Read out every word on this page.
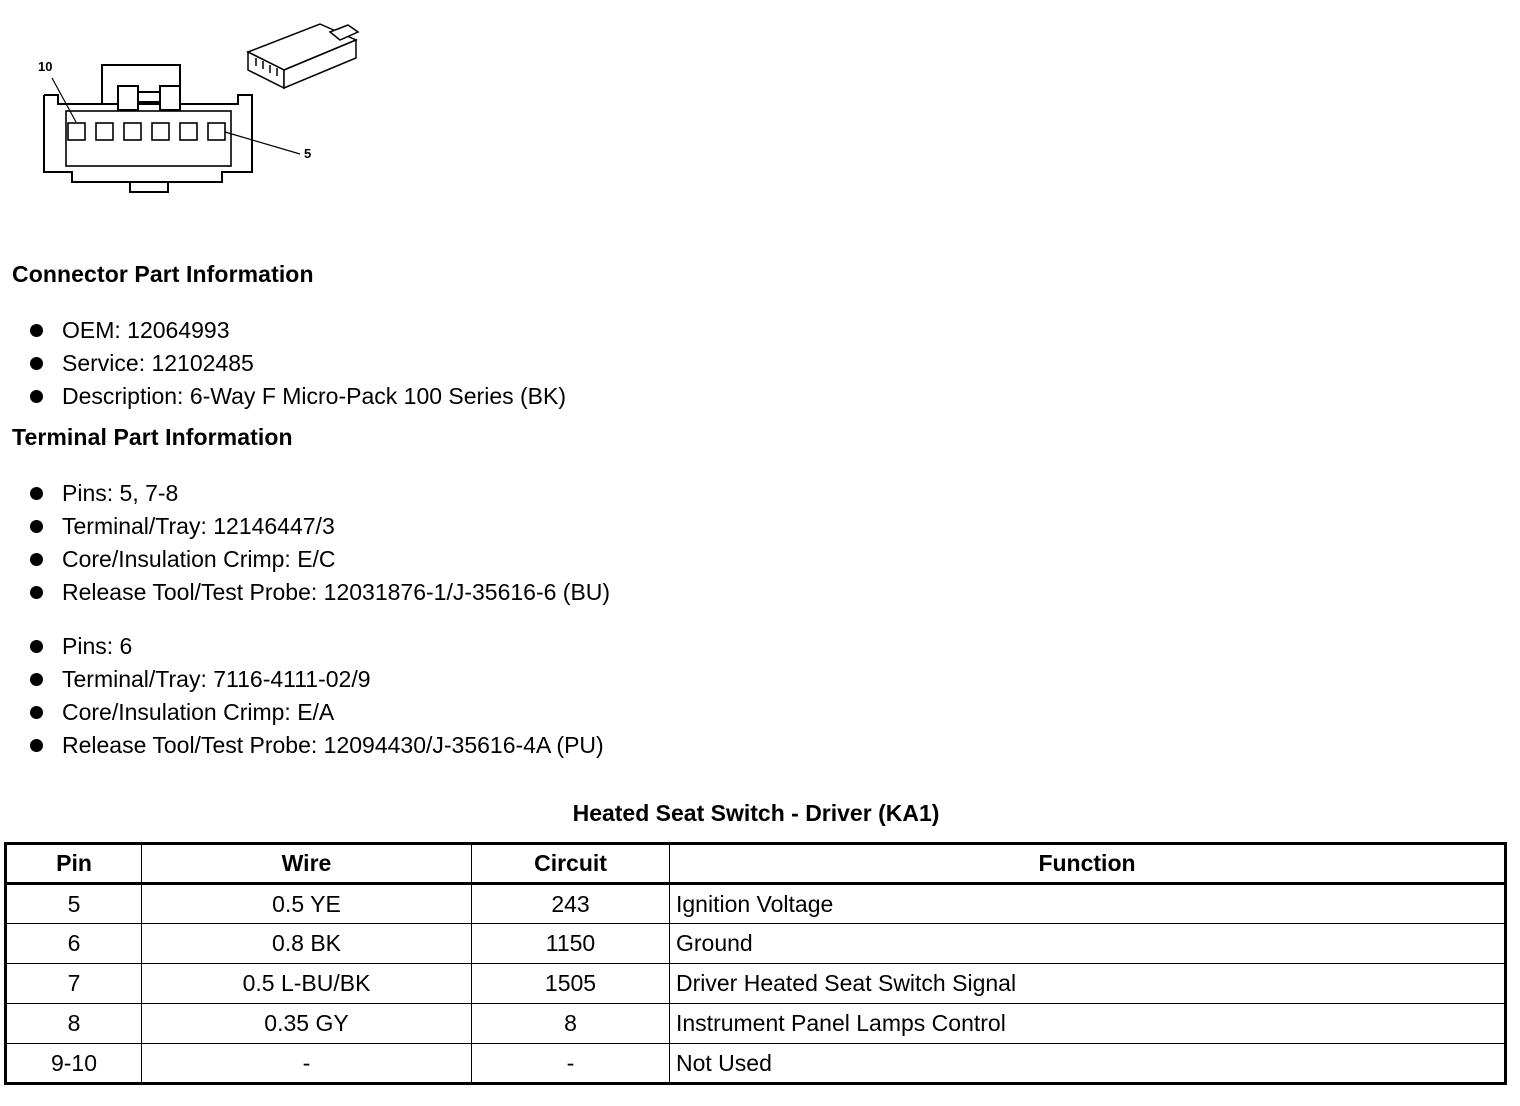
10
5
Connector Part Information
OEM: 12064993
Service: 12102485
Description: 6-Way F Micro-Pack 100 Series (BK)
Terminal Part Information
Pins: 5, 7-8
Terminal/Tray: 12146447/3
Core/Insulation Crimp: E/C
Release Tool/Test Probe: 12031876-1/J-35616-6 (BU)
Pins: 6
Terminal/Tray: 7116-4111-02/9
Core/Insulation Crimp: E/A
Release Tool/Test Probe: 12094430/J-35616-4A (PU)
Heated Seat Switch - Driver (KA1)
Pin	Wire	Circuit	Function
5	0.5 YE	243	Ignition Voltage
6	0.8 BK	1150	Ground
7	0.5 L-BU/BK	1505	Driver Heated Seat Switch Signal
8	0.35 GY	8	Instrument Panel Lamps Control
9-10	-	-	Not Used
